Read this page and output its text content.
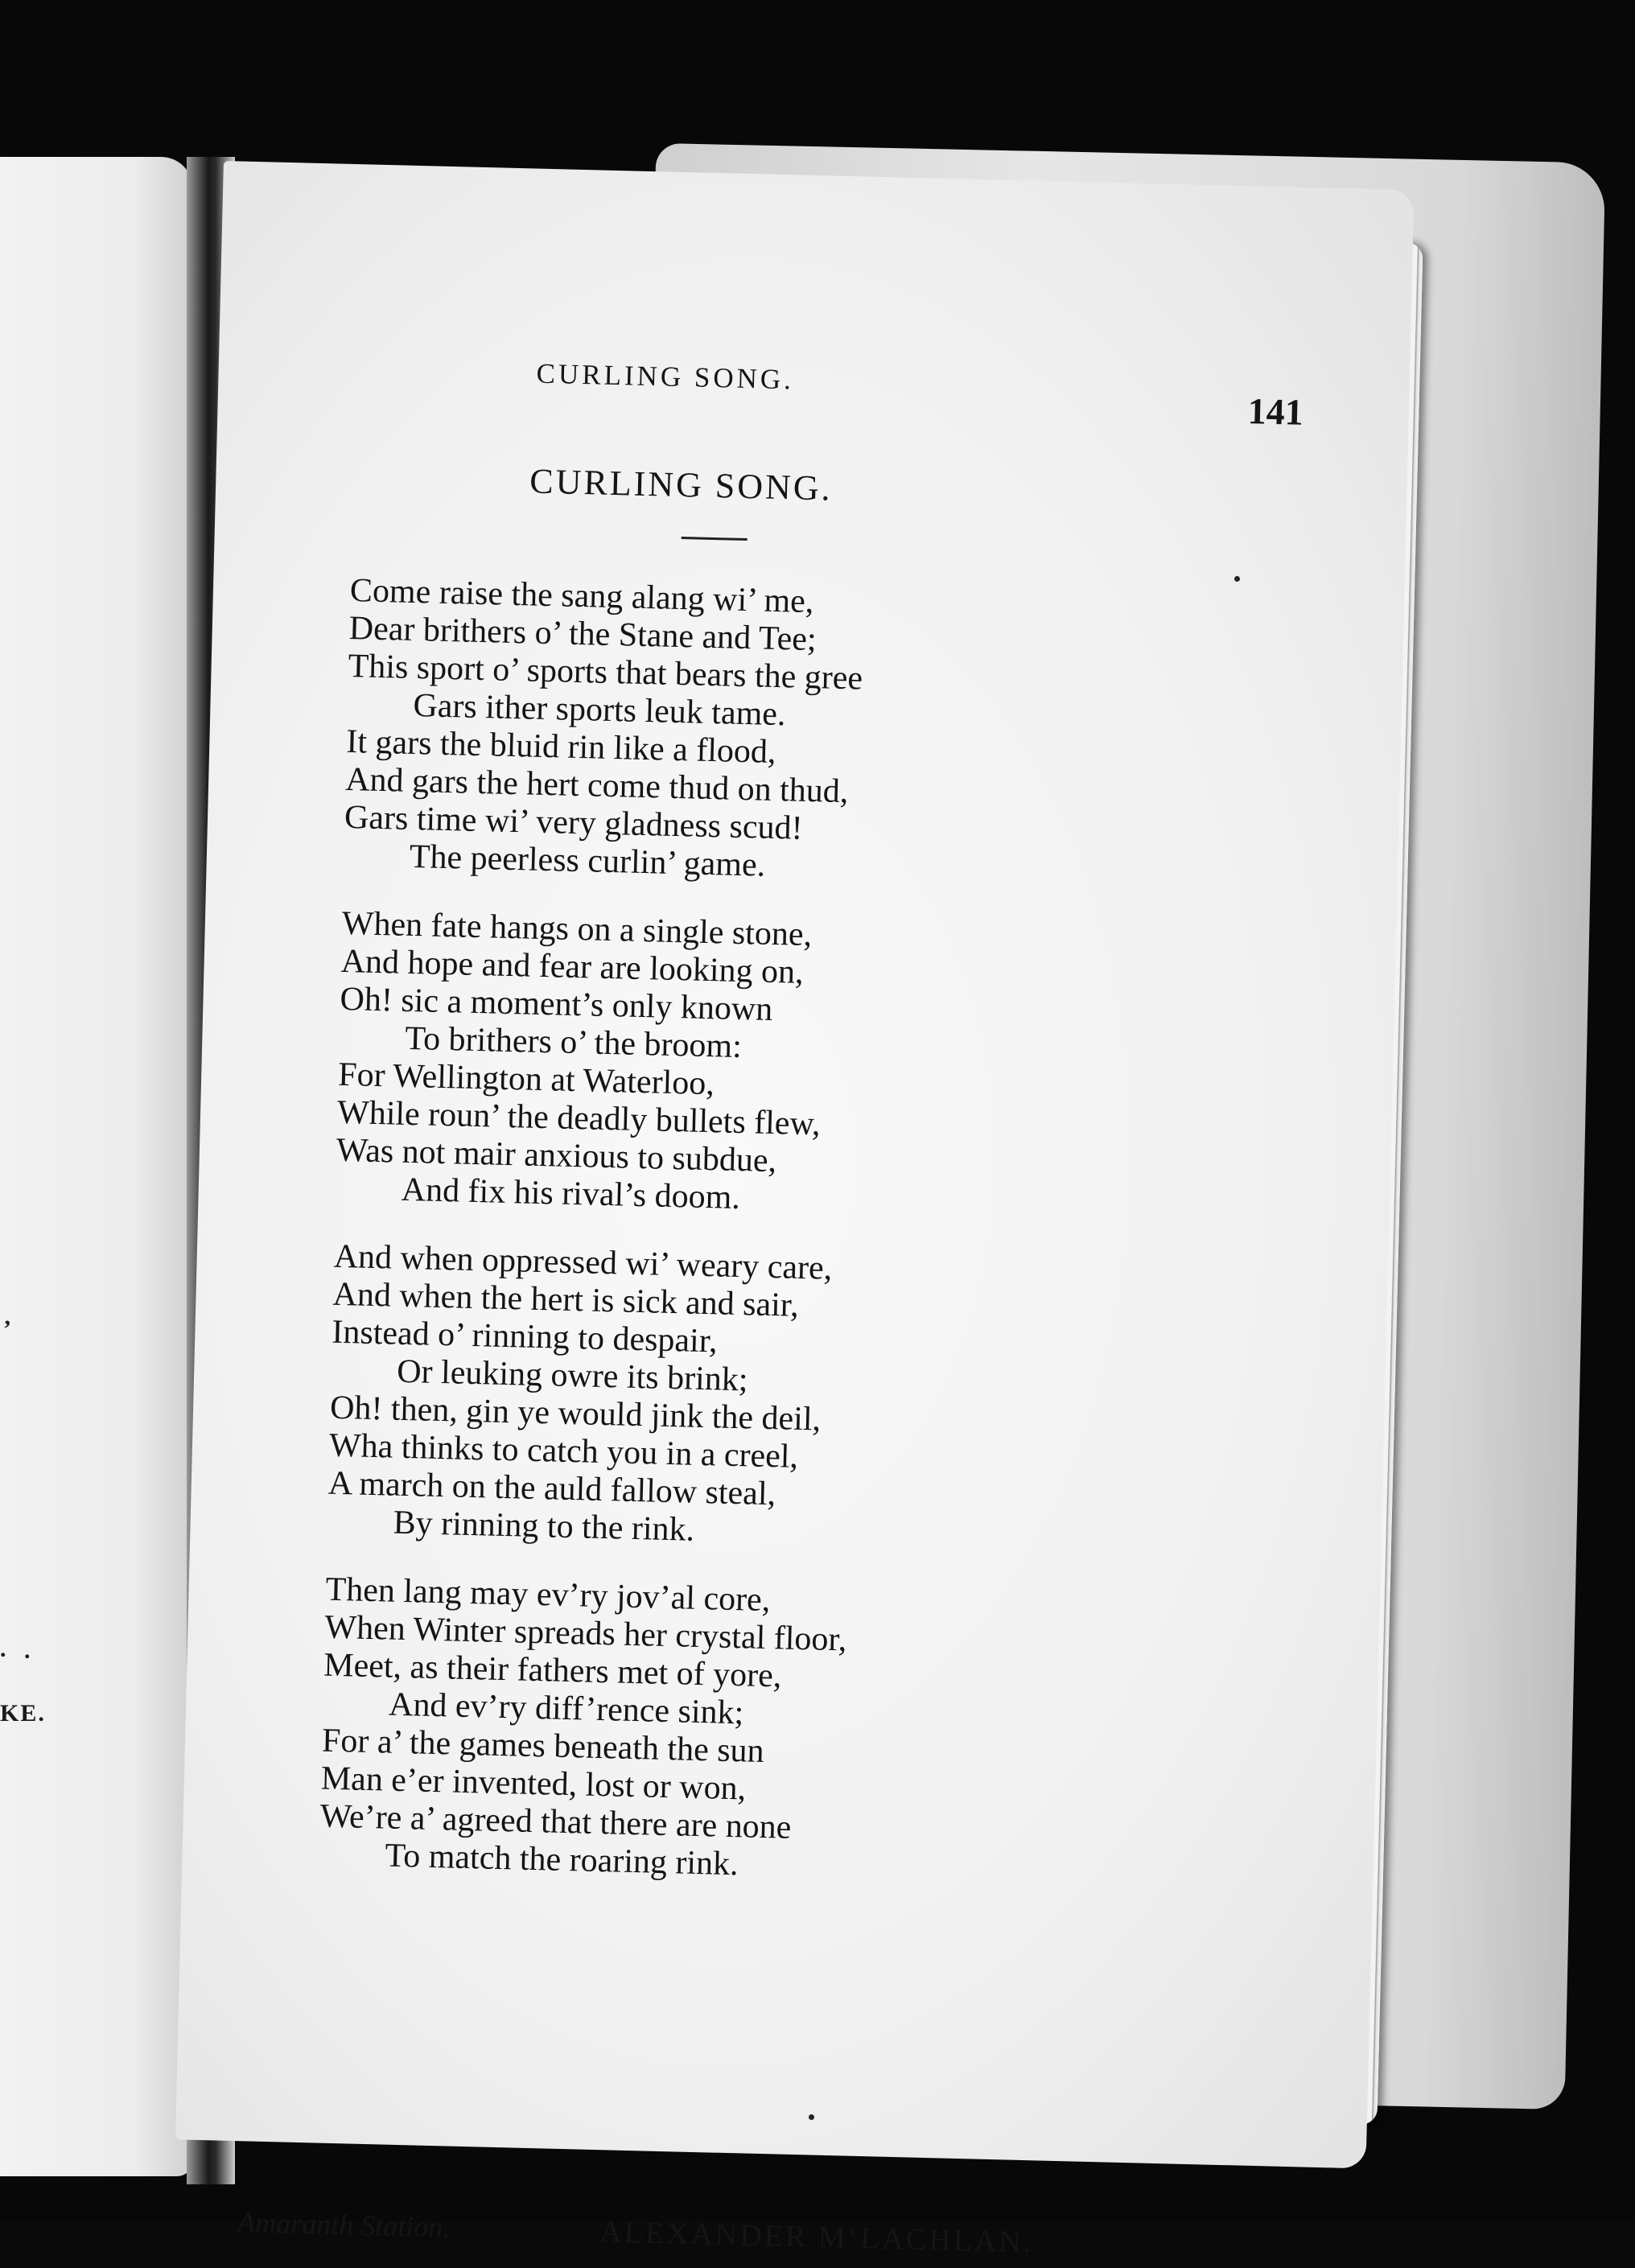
.
’
.
KE.
CURLING SONG.
141
CURLING SONG.
Come raise the sang alang wi’ me,
Dear brithers o’ the Stane and Tee;
This sport o’ sports that bears the gree
Gars ither sports leuk tame.
It gars the bluid rin like a flood,
And gars the hert come thud on thud,
Gars time wi’ very gladness scud!
The peerless curlin’ game.
When fate hangs on a single stone,
And hope and fear are looking on,
Oh! sic a moment’s only known
To brithers o’ the broom:
For Wellington at Waterloo,
While roun’ the deadly bullets flew,
Was not mair anxious to subdue,
And fix his rival’s doom.
And when oppressed wi’ weary care,
And when the hert is sick and sair,
Instead o’ rinning to despair,
Or leuking owre its brink;
Oh! then, gin ye would jink the deil,
Wha thinks to catch you in a creel,
A march on the auld fallow steal,
By rinning to the rink.
Then lang may ev’ry jov’al core,
When Winter spreads her crystal floor,
Meet, as their fathers met of yore,
And ev’ry diff’rence sink;
For a’ the games beneath the sun
Man e’er invented, lost or won,
We’re a’ agreed that there are none
To match the roaring rink.
Amaranth Station.	ALEXANDER M‘LACHLAN.
